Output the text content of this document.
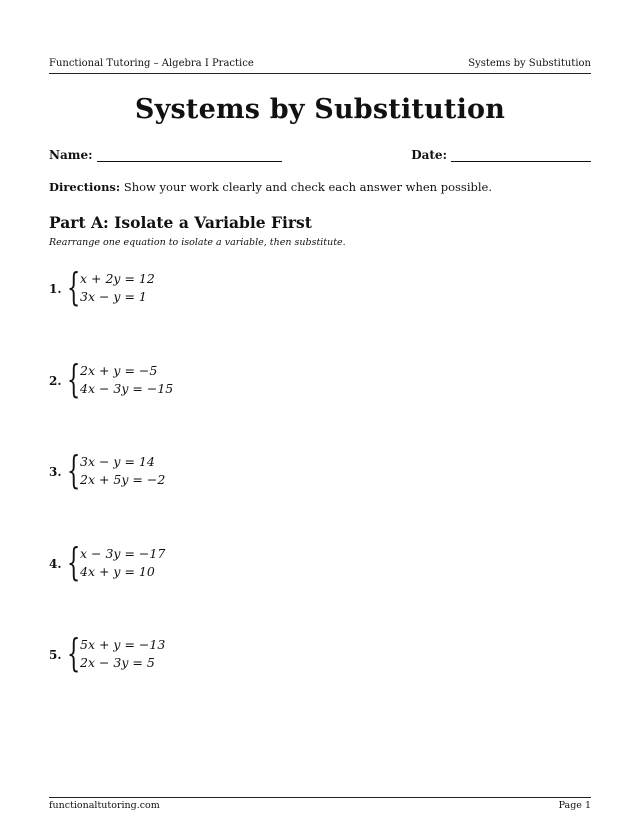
Functional Tutoring – Algebra I Practice	Systems by Substitution
Systems by Substitution
Name:	Date:
Directions: Show your work clearly and check each answer when possible.
Part A: Isolate a Variable First
Rearrange one equation to isolate a variable, then substitute.
1. { x + 2y = 12
3x − y = 1
2. { 2x + y = −5
4x − 3y = −15
3. { 3x − y = 14
2x + 5y = −2
4. { x − 3y = −17
4x + y = 10
5. { 5x + y = −13
2x − 3y = 5
functionaltutoring.com	Page 1
